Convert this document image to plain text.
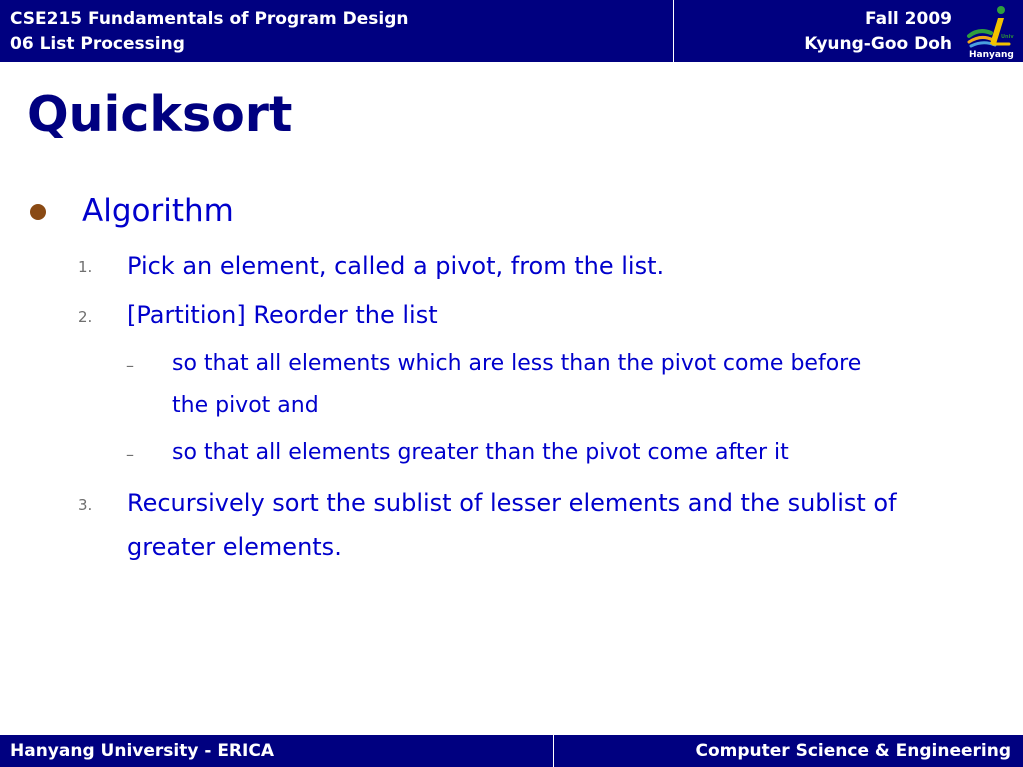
CSE215 Fundamentals of Program Design
06 List Processing
Fall 2009
Kyung-Goo Doh	Univ
Hanyang
Quicksort
Algorithm
1. Pick an element, called a pivot, from the list.
2. [Partition] Reorder the list
– so that all elements which are less than the pivot come before
the pivot and
– so that all elements greater than the pivot come after it
3. Recursively sort the sublist of lesser elements and the sublist of
greater elements.
Hanyang University - ERICA	Computer Science & Engineering
